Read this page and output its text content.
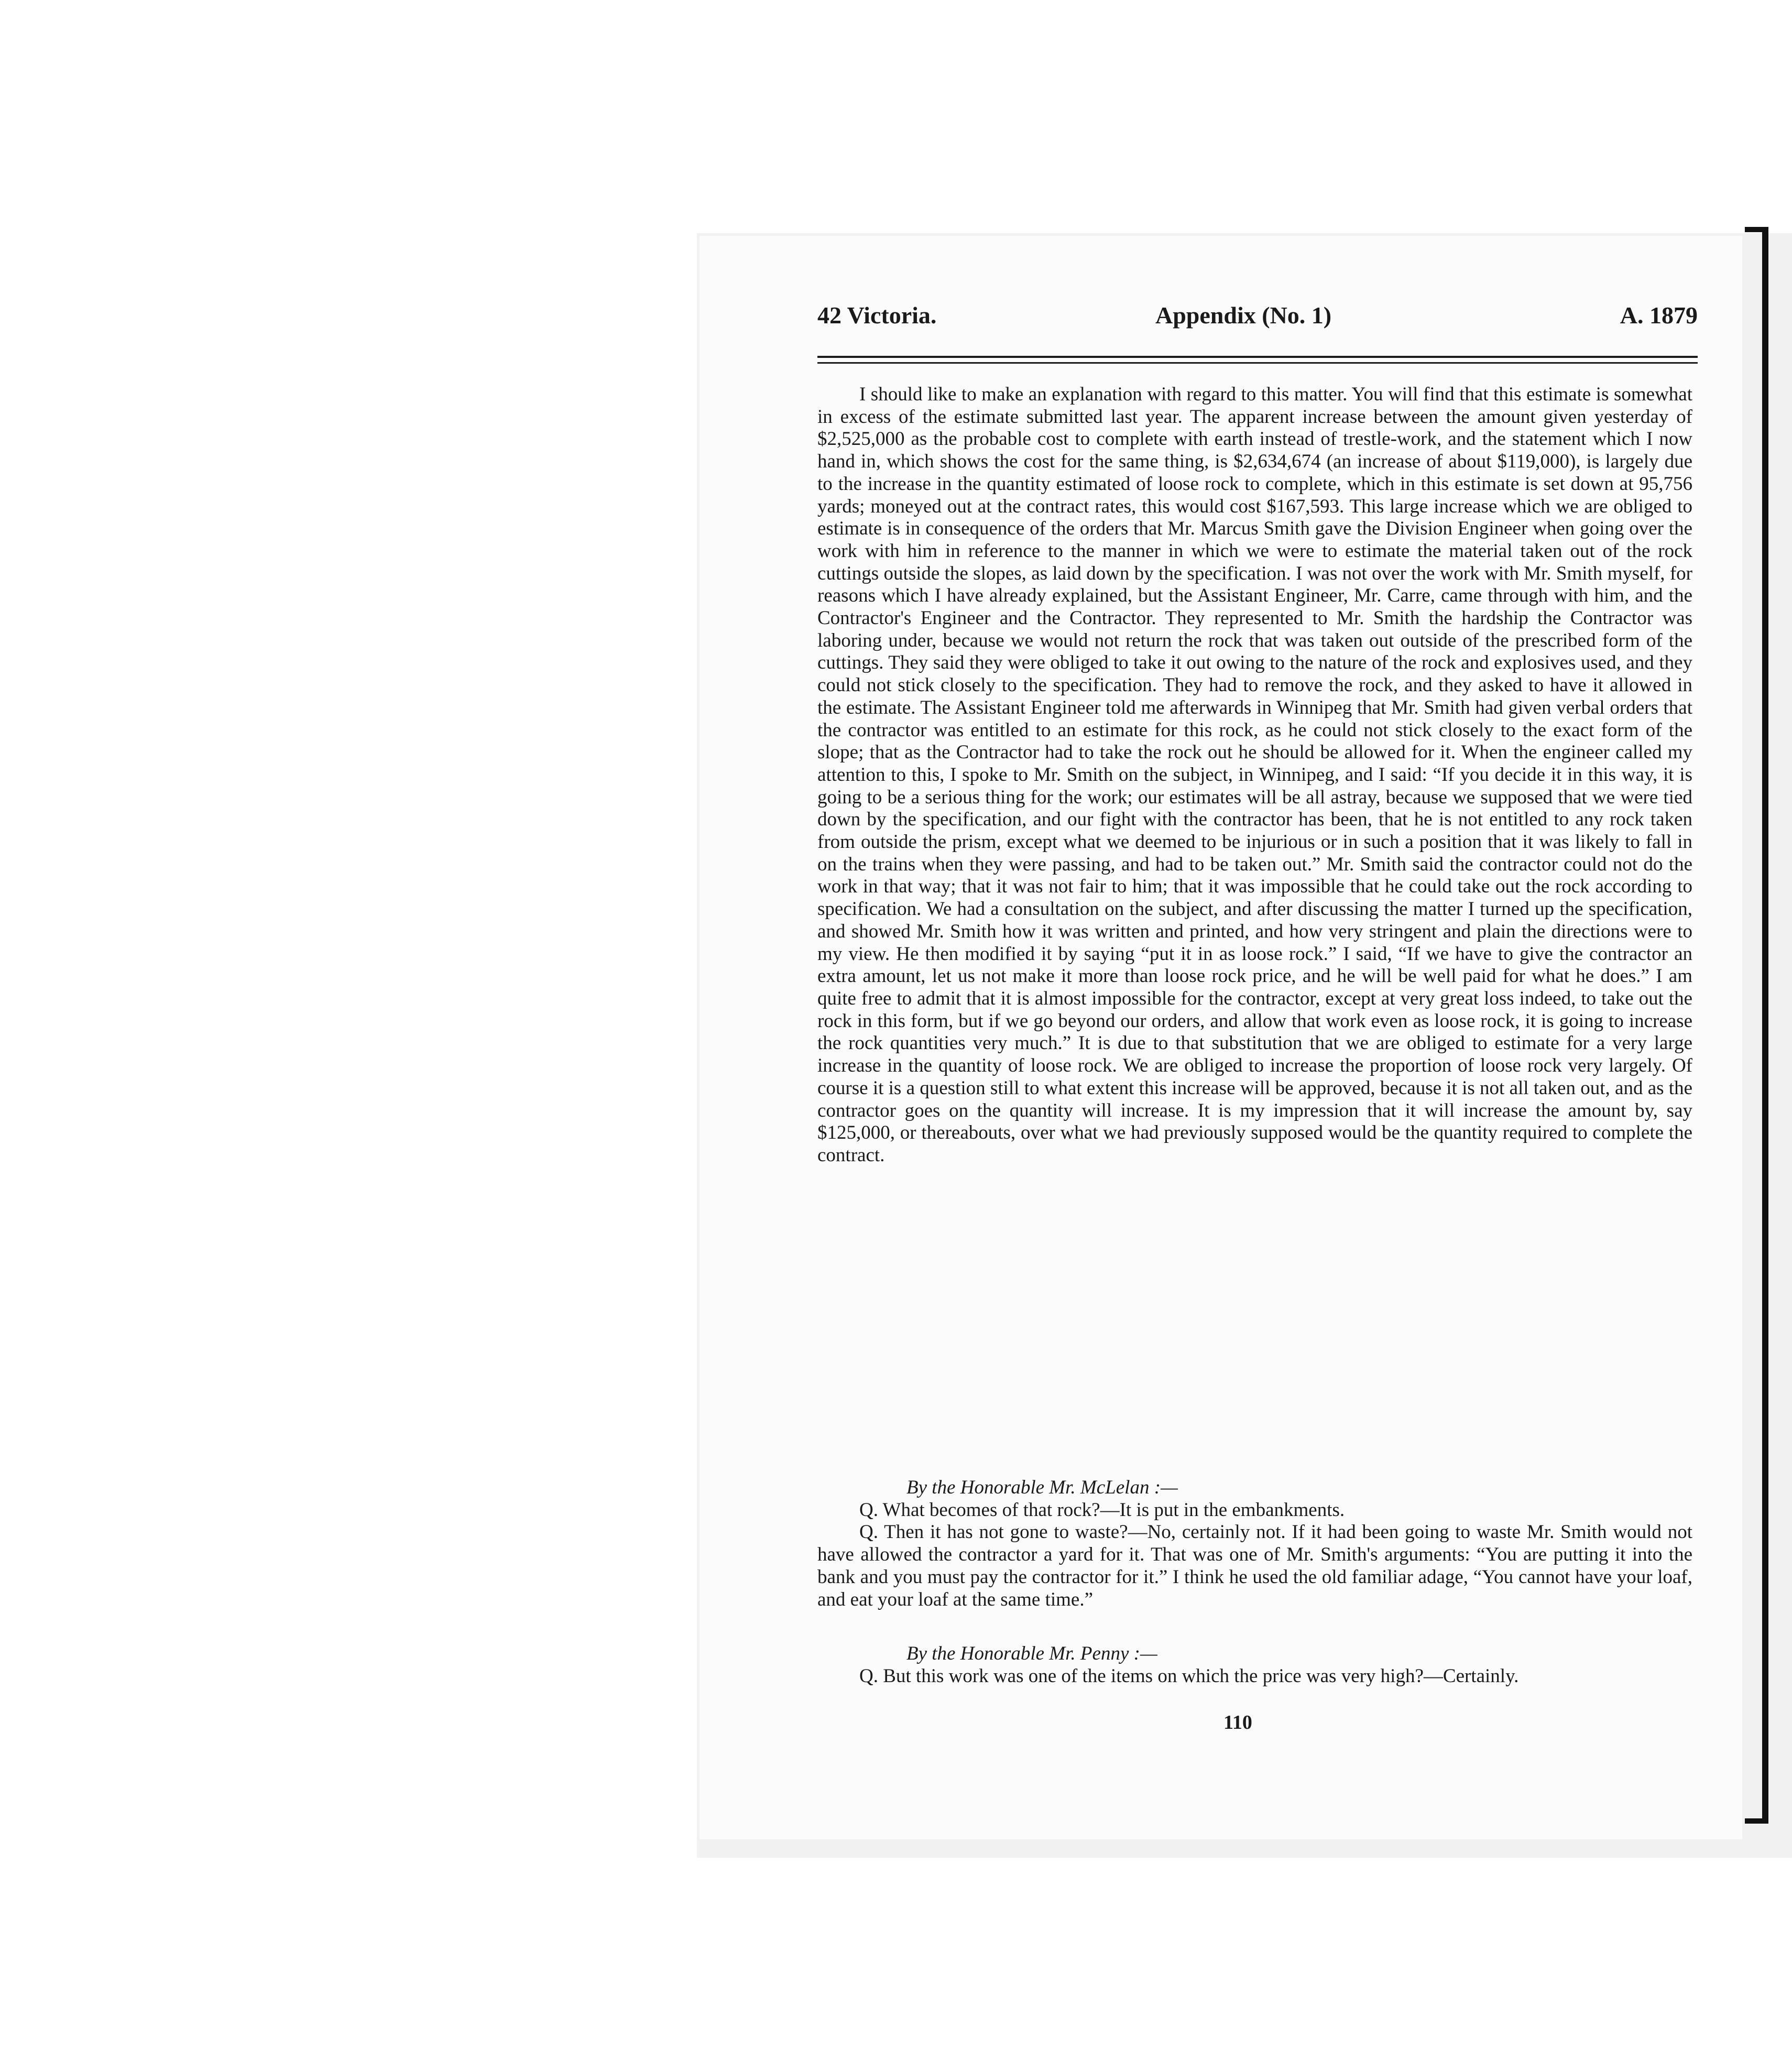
42 Victoria.	Appendix (No. 1)	A. 1879

I should like to make an explanation with regard to this matter. You will find that this estimate is somewhat in excess of the estimate submitted last year. The apparent increase between the amount given yesterday of $2,525,000 as the probable cost to complete with earth instead of trestle-work, and the statement which I now hand in, which shows the cost for the same thing, is $2,634,674 (an increase of about $119,000), is largely due to the increase in the quantity estimated of loose rock to complete, which in this estimate is set down at 95,756 yards; moneyed out at the contract rates, this would cost $167,593. This large increase which we are obliged to estimate is in consequence of the orders that Mr. Marcus Smith gave the Division Engineer when going over the work with him in reference to the manner in which we were to estimate the material taken out of the rock cuttings outside the slopes, as laid down by the specification. I was not over the work with Mr. Smith myself, for reasons which I have already explained, but the Assistant Engineer, Mr. Carre, came through with him, and the Contractor's Engineer and the Contractor. They represented to Mr. Smith the hardship the Contractor was laboring under, because we would not return the rock that was taken out outside of the prescribed form of the cuttings. They said they were obliged to take it out owing to the nature of the rock and explosives used, and they could not stick closely to the specification. They had to remove the rock, and they asked to have it allowed in the estimate. The Assistant Engineer told me afterwards in Winnipeg that Mr. Smith had given verbal orders that the contractor was entitled to an estimate for this rock, as he could not stick closely to the exact form of the slope; that as the Contractor had to take the rock out he should be allowed for it. When the engineer called my attention to this, I spoke to Mr. Smith on the subject, in Winnipeg, and I said: “If you decide it in this way, it is going to be a serious thing for the work; our estimates will be all astray, because we supposed that we were tied down by the specification, and our fight with the contractor has been, that he is not entitled to any rock taken from outside the prism, except what we deemed to be injurious or in such a position that it was likely to fall in on the trains when they were passing, and had to be taken out.” Mr. Smith said the contractor could not do the work in that way; that it was not fair to him; that it was impossible that he could take out the rock according to specification. We had a consultation on the subject, and after discussing the matter I turned up the specification, and showed Mr. Smith how it was written and printed, and how very stringent and plain the directions were to my view. He then modified it by saying “put it in as loose rock.” I said, “If we have to give the contractor an extra amount, let us not make it more than loose rock price, and he will be well paid for what he does.” I am quite free to admit that it is almost impossible for the contractor, except at very great loss indeed, to take out the rock in this form, but if we go beyond our orders, and allow that work even as loose rock, it is going to increase the rock quantities very much.” It is due to that substitution that we are obliged to estimate for a very large increase in the quantity of loose rock. We are obliged to increase the proportion of loose rock very largely. Of course it is a question still to what extent this increase will be approved, because it is not all taken out, and as the contractor goes on the quantity will increase. It is my impression that it will increase the amount by, say $125,000, or thereabouts, over what we had previously supposed would be the quantity required to complete the contract.

By the Honorable Mr. McLelan :—

Q. What becomes of that rock?—It is put in the embankments.

Q. Then it has not gone to waste?—No, certainly not. If it had been going to waste Mr. Smith would not have allowed the contractor a yard for it. That was one of Mr. Smith's arguments: “You are putting it into the bank and you must pay the contractor for it.” I think he used the old familiar adage, “You cannot have your loaf, and eat your loaf at the same time.”

By the Honorable Mr. Penny :—

Q. But this work was one of the items on which the price was very high?—Certainly.

110
